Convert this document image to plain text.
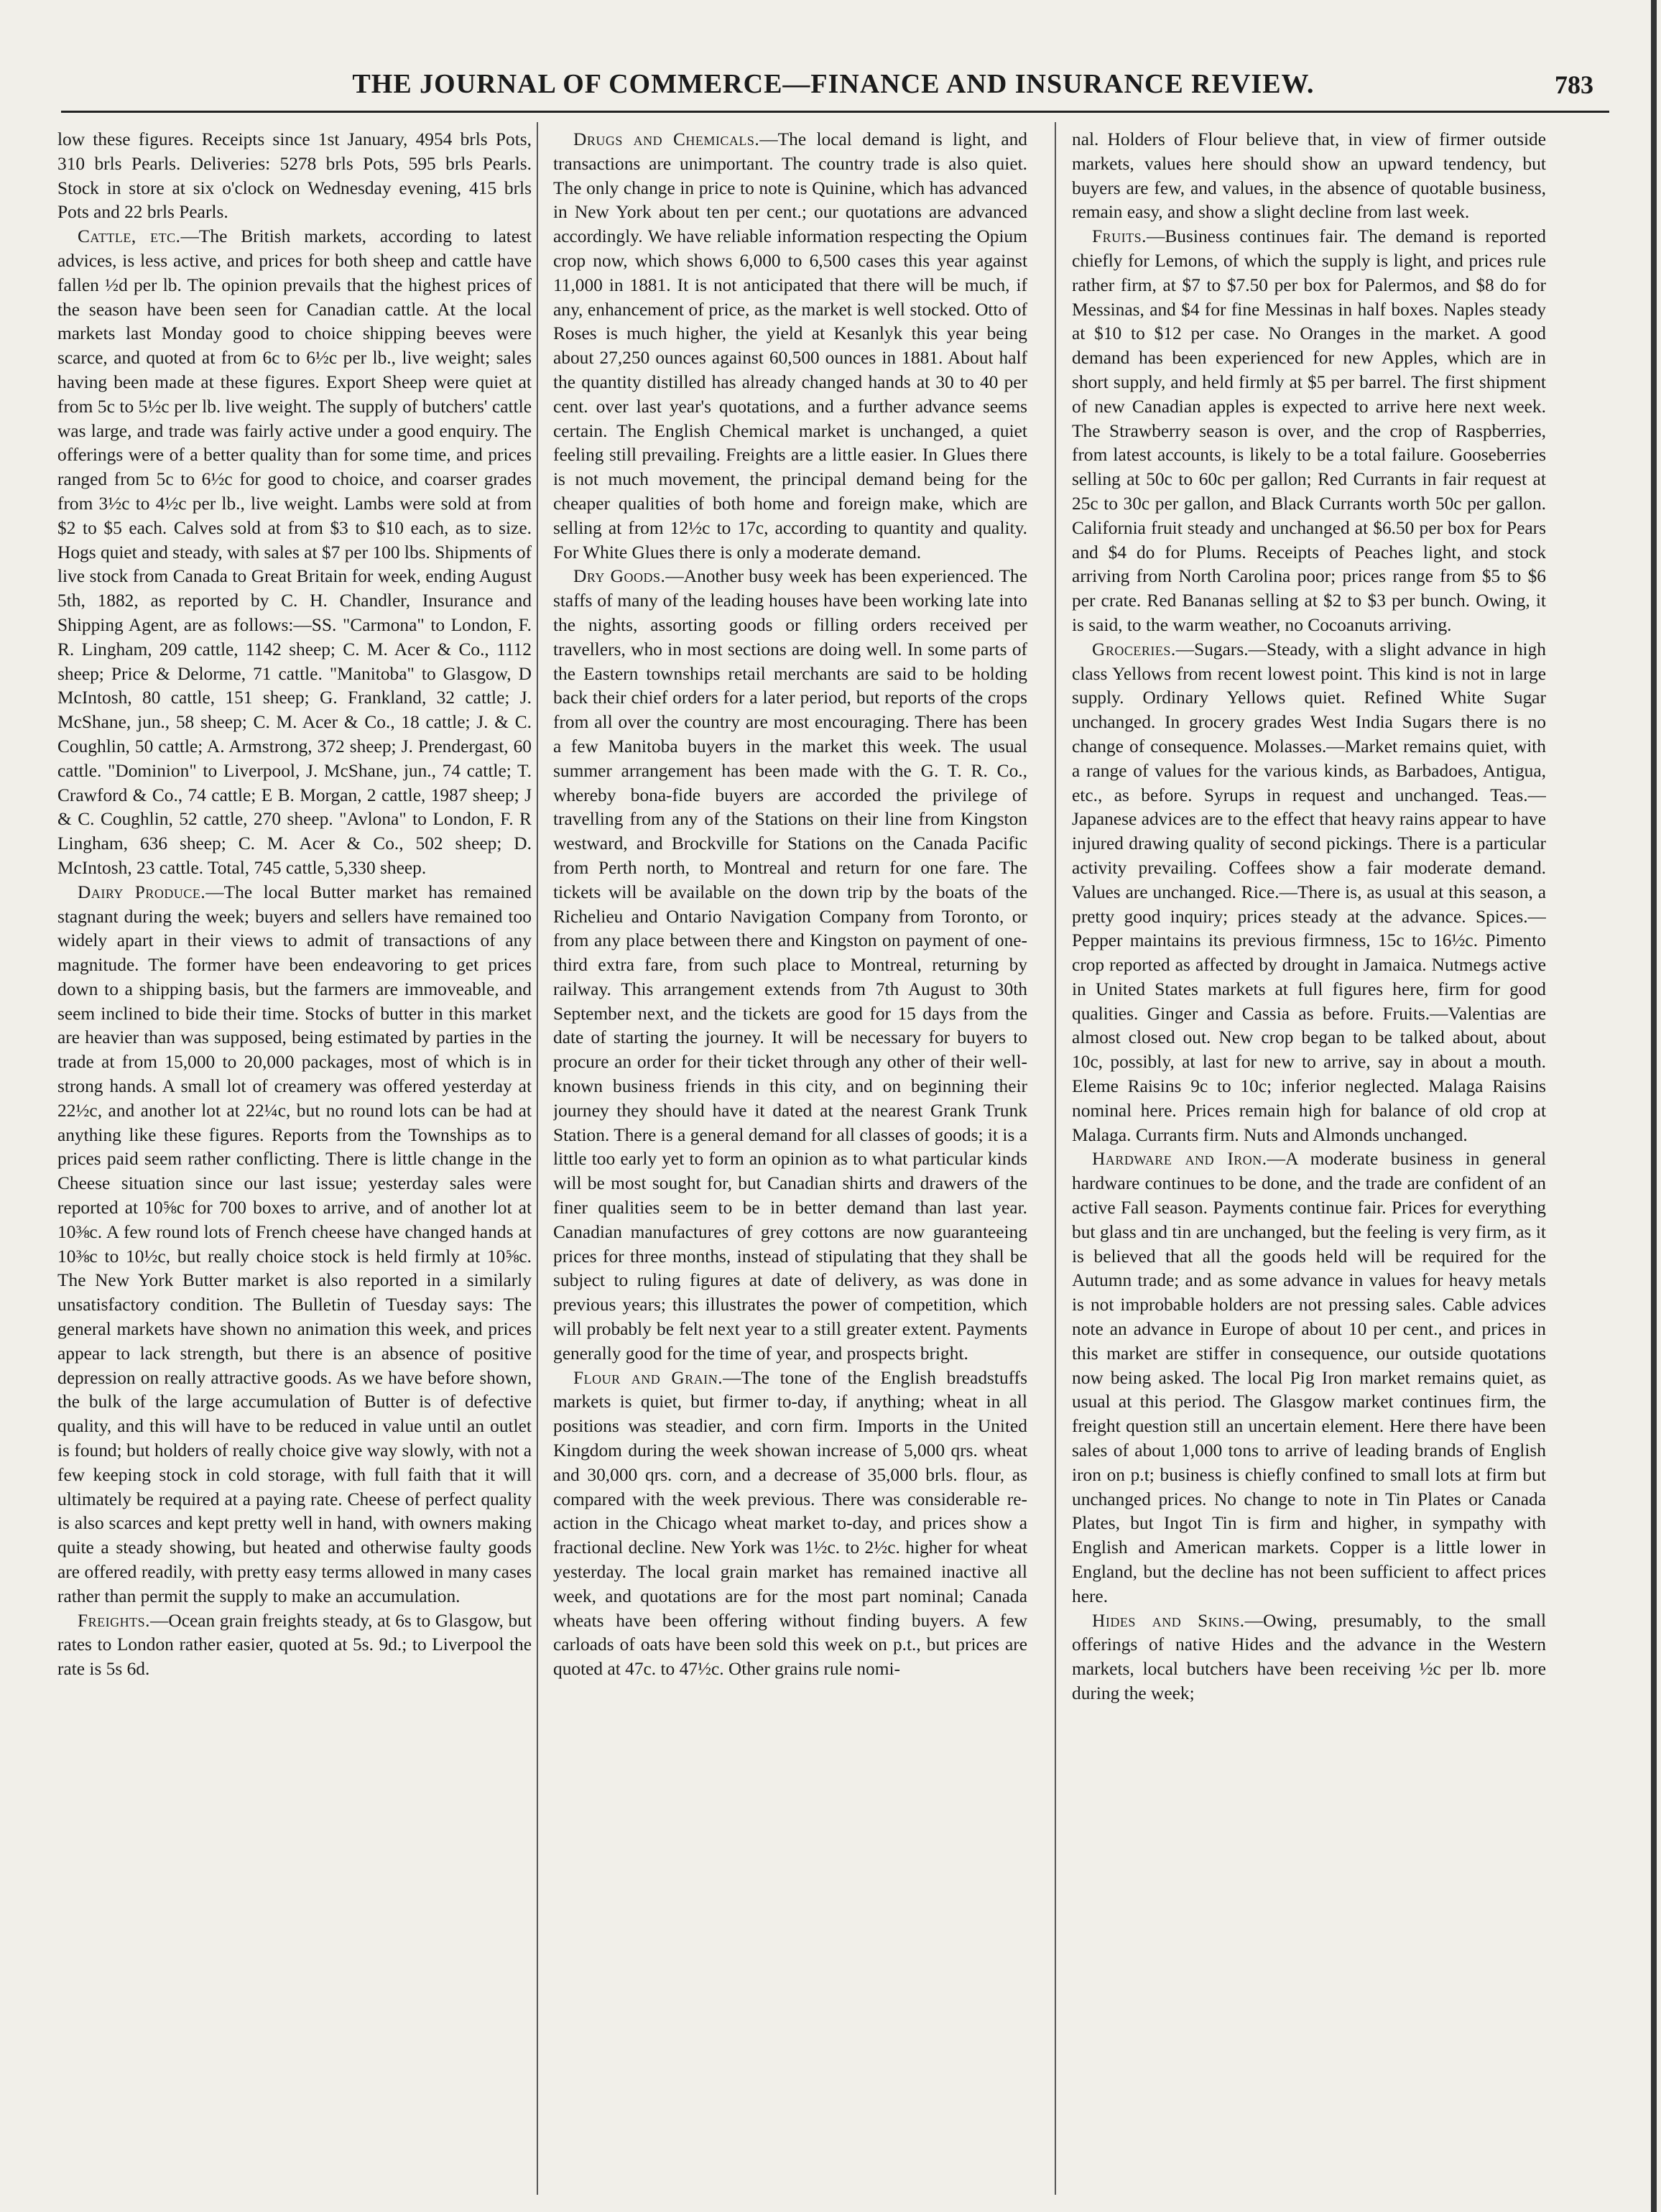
THE JOURNAL OF COMMERCE—FINANCE AND INSURANCE REVIEW.	783

low these figures. Receipts since 1st January, 4954 brls Pots, 310 brls Pearls. Deliveries: 5278 brls Pots, 595 brls Pearls. Stock in store at six o'clock on Wednesday evening, 415 brls Pots and 22 brls Pearls.

Cattle, etc.—The British markets, according to latest advices, is less active, and prices for both sheep and cattle have fallen ½d per lb. The opinion prevails that the highest prices of the season have been seen for Canadian cattle. At the local markets last Monday good to choice shipping beeves were scarce, and quoted at from 6c to 6½c per lb., live weight; sales having been made at these figures. Export Sheep were quiet at from 5c to 5½c per lb. live weight. The supply of butchers' cattle was large, and trade was fairly active under a good enquiry. The offerings were of a better quality than for some time, and prices ranged from 5c to 6½c for good to choice, and coarser grades from 3½c to 4½c per lb., live weight. Lambs were sold at from $2 to $5 each. Calves sold at from $3 to $10 each, as to size. Hogs quiet and steady, with sales at $7 per 100 lbs. Shipments of live stock from Canada to Great Britain for week, ending August 5th, 1882, as reported by C. H. Chandler, Insurance and Shipping Agent, are as follows:—SS. "Carmona" to London, F. R. Lingham, 209 cattle, 1142 sheep; C. M. Acer & Co., 1112 sheep; Price & Delorme, 71 cattle. "Manitoba" to Glasgow, D McIntosh, 80 cattle, 151 sheep; G. Frankland, 32 cattle; J. McShane, jun., 58 sheep; C. M. Acer & Co., 18 cattle; J. & C. Coughlin, 50 cattle; A. Armstrong, 372 sheep; J. Prendergast, 60 cattle. "Dominion" to Liverpool, J. McShane, jun., 74 cattle; T. Crawford & Co., 74 cattle; E B. Morgan, 2 cattle, 1987 sheep; J & C. Coughlin, 52 cattle, 270 sheep. "Avlona" to London, F. R Lingham, 636 sheep; C. M. Acer & Co., 502 sheep; D. McIntosh, 23 cattle. Total, 745 cattle, 5,330 sheep.

Dairy Produce.—The local Butter market has remained stagnant during the week; buyers and sellers have remained too widely apart in their views to admit of transactions of any magnitude. The former have been endeavoring to get prices down to a shipping basis, but the farmers are immoveable, and seem inclined to bide their time. Stocks of butter in this market are heavier than was supposed, being estimated by parties in the trade at from 15,000 to 20,000 packages, most of which is in strong hands. A small lot of creamery was offered yesterday at 22½c, and another lot at 22¼c, but no round lots can be had at anything like these figures. Reports from the Townships as to prices paid seem rather conflicting. There is little change in the Cheese situation since our last issue; yesterday sales were reported at 10⅝c for 700 boxes to arrive, and of another lot at 10⅜c. A few round lots of French cheese have changed hands at 10⅜c to 10½c, but really choice stock is held firmly at 10⅝c. The New York Butter market is also reported in a similarly unsatisfactory condition. The Bulletin of Tuesday says: The general markets have shown no animation this week, and prices appear to lack strength, but there is an absence of positive depression on really attractive goods. As we have before shown, the bulk of the large accumulation of Butter is of defective quality, and this will have to be reduced in value until an outlet is found; but holders of really choice give way slowly, with not a few keeping stock in cold storage, with full faith that it will ultimately be required at a paying rate. Cheese of perfect quality is also scarces and kept pretty well in hand, with owners making quite a steady showing, but heated and otherwise faulty goods are offered readily, with pretty easy terms allowed in many cases rather than permit the supply to make an accumulation.

Freights.—Ocean grain freights steady, at 6s to Glasgow, but rates to London rather easier, quoted at 5s. 9d.; to Liverpool the rate is 5s 6d.

Drugs and Chemicals.—The local demand is light, and transactions are unimportant. The country trade is also quiet. The only change in price to note is Quinine, which has advanced in New York about ten per cent.; our quotations are advanced accordingly. We have reliable information respecting the Opium crop now, which shows 6,000 to 6,500 cases this year against 11,000 in 1881. It is not anticipated that there will be much, if any, enhancement of price, as the market is well stocked. Otto of Roses is much higher, the yield at Kesanlyk this year being about 27,250 ounces against 60,500 ounces in 1881. About half the quantity distilled has already changed hands at 30 to 40 per cent. over last year's quotations, and a further advance seems certain. The English Chemical market is unchanged, a quiet feeling still prevailing. Freights are a little easier. In Glues there is not much movement, the principal demand being for the cheaper qualities of both home and foreign make, which are selling at from 12½c to 17c, according to quantity and quality. For White Glues there is only a moderate demand.

Dry Goods.—Another busy week has been experienced. The staffs of many of the leading houses have been working late into the nights, assorting goods or filling orders received per travellers, who in most sections are doing well. In some parts of the Eastern townships retail merchants are said to be holding back their chief orders for a later period, but reports of the crops from all over the country are most encouraging. There has been a few Manitoba buyers in the market this week. The usual summer arrangement has been made with the G. T. R. Co., whereby bona-fide buyers are accorded the privilege of travelling from any of the Stations on their line from Kingston westward, and Brockville for Stations on the Canada Pacific from Perth north, to Montreal and return for one fare. The tickets will be available on the down trip by the boats of the Richelieu and Ontario Navigation Company from Toronto, or from any place between there and Kingston on payment of one-third extra fare, from such place to Montreal, returning by railway. This arrangement extends from 7th August to 30th September next, and the tickets are good for 15 days from the date of starting the journey. It will be necessary for buyers to procure an order for their ticket through any other of their well-known business friends in this city, and on beginning their journey they should have it dated at the nearest Grank Trunk Station. There is a general demand for all classes of goods; it is a little too early yet to form an opinion as to what particular kinds will be most sought for, but Canadian shirts and drawers of the finer qualities seem to be in better demand than last year. Canadian manufactures of grey cottons are now guaranteeing prices for three months, instead of stipulating that they shall be subject to ruling figures at date of delivery, as was done in previous years; this illustrates the power of competition, which will probably be felt next year to a still greater extent. Payments generally good for the time of year, and prospects bright.

Flour and Grain.—The tone of the English breadstuffs markets is quiet, but firmer to-day, if anything; wheat in all positions was steadier, and corn firm. Imports in the United Kingdom during the week showan increase of 5,000 qrs. wheat and 30,000 qrs. corn, and a decrease of 35,000 brls. flour, as compared with the week previous. There was considerable re-action in the Chicago wheat market to-day, and prices show a fractional decline. New York was 1½c. to 2½c. higher for wheat yesterday. The local grain market has remained inactive all week, and quotations are for the most part nominal; Canada wheats have been offering without finding buyers. A few carloads of oats have been sold this week on p.t., but prices are quoted at 47c. to 47½c. Other grains rule nomi-

nal. Holders of Flour believe that, in view of firmer outside markets, values here should show an upward tendency, but buyers are few, and values, in the absence of quotable business, remain easy, and show a slight decline from last week.

Fruits.—Business continues fair. The demand is reported chiefly for Lemons, of which the supply is light, and prices rule rather firm, at $7 to $7.50 per box for Palermos, and $8 do for Messinas, and $4 for fine Messinas in half boxes. Naples steady at $10 to $12 per case. No Oranges in the market. A good demand has been experienced for new Apples, which are in short supply, and held firmly at $5 per barrel. The first shipment of new Canadian apples is expected to arrive here next week. The Strawberry season is over, and the crop of Raspberries, from latest accounts, is likely to be a total failure. Gooseberries selling at 50c to 60c per gallon; Red Currants in fair request at 25c to 30c per gallon, and Black Currants worth 50c per gallon. California fruit steady and unchanged at $6.50 per box for Pears and $4 do for Plums. Receipts of Peaches light, and stock arriving from North Carolina poor; prices range from $5 to $6 per crate. Red Bananas selling at $2 to $3 per bunch. Owing, it is said, to the warm weather, no Cocoanuts arriving.

Groceries.—Sugars.—Steady, with a slight advance in high class Yellows from recent lowest point. This kind is not in large supply. Ordinary Yellows quiet. Refined White Sugar unchanged. In grocery grades West India Sugars there is no change of consequence. Molasses.—Market remains quiet, with a range of values for the various kinds, as Barbadoes, Antigua, etc., as before. Syrups in request and unchanged. Teas.—Japanese advices are to the effect that heavy rains appear to have injured drawing quality of second pickings. There is a particular activity prevailing. Coffees show a fair moderate demand. Values are unchanged. Rice.—There is, as usual at this season, a pretty good inquiry; prices steady at the advance. Spices.—Pepper maintains its previous firmness, 15c to 16½c. Pimento crop reported as affected by drought in Jamaica. Nutmegs active in United States markets at full figures here, firm for good qualities. Ginger and Cassia as before. Fruits.—Valentias are almost closed out. New crop began to be talked about, about 10c, possibly, at last for new to arrive, say in about a mouth. Eleme Raisins 9c to 10c; inferior neglected. Malaga Raisins nominal here. Prices remain high for balance of old crop at Malaga. Currants firm. Nuts and Almonds unchanged.

Hardware and Iron.—A moderate business in general hardware continues to be done, and the trade are confident of an active Fall season. Payments continue fair. Prices for everything but glass and tin are unchanged, but the feeling is very firm, as it is believed that all the goods held will be required for the Autumn trade; and as some advance in values for heavy metals is not improbable holders are not pressing sales. Cable advices note an advance in Europe of about 10 per cent., and prices in this market are stiffer in consequence, our outside quotations now being asked. The local Pig Iron market remains quiet, as usual at this period. The Glasgow market continues firm, the freight question still an uncertain element. Here there have been sales of about 1,000 tons to arrive of leading brands of English iron on p.t; business is chiefly confined to small lots at firm but unchanged prices. No change to note in Tin Plates or Canada Plates, but Ingot Tin is firm and higher, in sympathy with English and American markets. Copper is a little lower in England, but the decline has not been sufficient to affect prices here.

Hides and Skins.—Owing, presumably, to the small offerings of native Hides and the advance in the Western markets, local butchers have been receiving ½c per lb. more during the week;
